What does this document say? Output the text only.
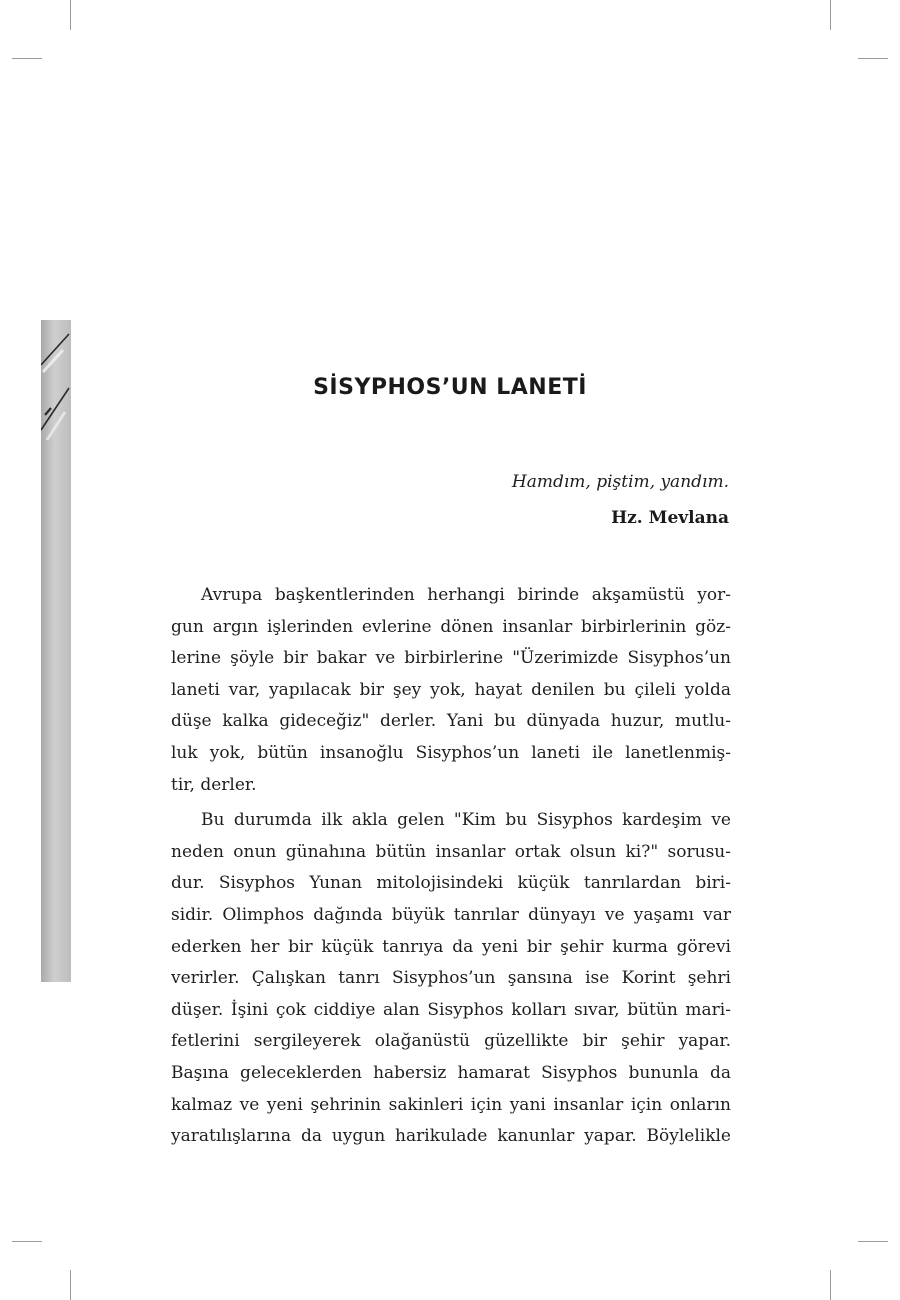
SİSYPHOS’UN LANETİ
Hamdım, piştim, yandım.
Hz. Mevlana

Avrupa başkentlerinden herhangi birinde akşamüstü yor-
gun argın işlerinden evlerine dönen insanlar birbirlerinin göz-
lerine şöyle bir bakar ve birbirlerine "Üzerimizde Sisyphos’un
laneti var, yapılacak bir şey yok, hayat denilen bu çileli yolda
düşe kalka gideceğiz" derler. Yani bu dünyada huzur, mutlu-
luk yok, bütün insanoğlu Sisyphos’un laneti ile lanetlenmiş-
tir, derler.

Bu durumda ilk akla gelen "Kim bu Sisyphos kardeşim ve
neden onun günahına bütün insanlar ortak olsun ki?" sorusu-
dur. Sisyphos Yunan mitolojisindeki küçük tanrılardan biri-
sidir. Olimphos dağında büyük tanrılar dünyayı ve yaşamı var
ederken her bir küçük tanrıya da yeni bir şehir kurma görevi
verirler. Çalışkan tanrı Sisyphos’un şansına ise Korint şehri
düşer. İşini çok ciddiye alan Sisyphos kolları sıvar, bütün mari-
fetlerini sergileyerek olağanüstü güzellikte bir şehir yapar.
Başına geleceklerden habersiz hamarat Sisyphos bununla da
kalmaz ve yeni şehrinin sakinleri için yani insanlar için onların
yaratılışlarına da uygun harikulade kanunlar yapar. Böylelikle
